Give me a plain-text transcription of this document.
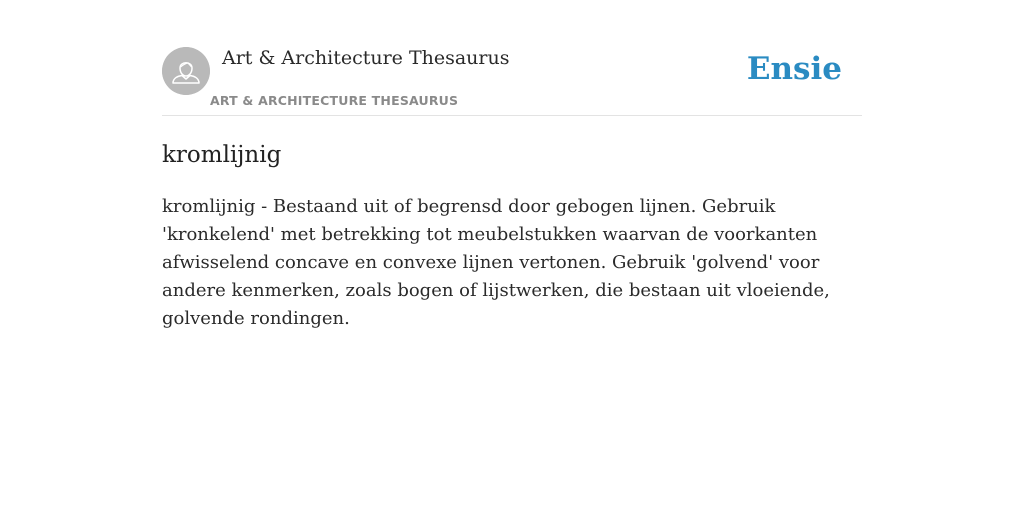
Art & Architecture Thesaurus
ART & ARCHITECTURE THESAURUS
Ensie
kromlijnig

kromlijnig - Bestaand uit of begrensd door gebogen lijnen. Gebruik 'kronkelend' met betrekking tot meubelstukken waarvan de voorkanten afwisselend concave en convexe lijnen vertonen. Gebruik 'golvend' voor andere kenmerken, zoals bogen of lijstwerken, die bestaan uit vloeiende, golvende rondingen.
